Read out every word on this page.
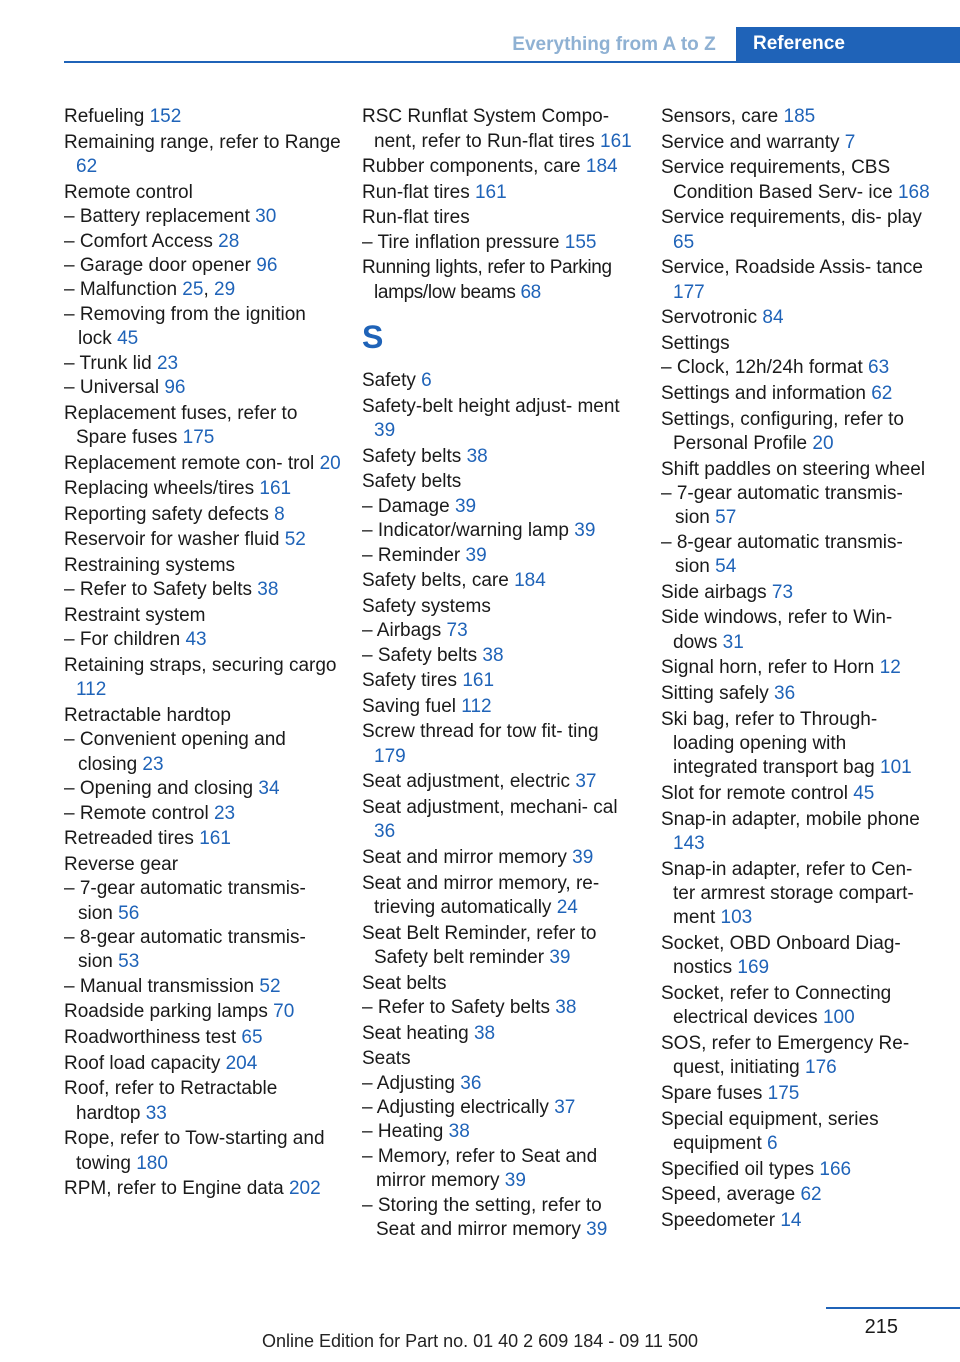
Everything from A to Z	Reference
Refueling 152
Remaining range, refer to Range 62
Remote control
– Battery replacement 30
– Comfort Access 28
– Garage door opener 96
– Malfunction 25, 29
– Removing from the ignition lock 45
– Trunk lid 23
– Universal 96
Replacement fuses, refer to Spare fuses 175
Replacement remote con- trol 20
Replacing wheels/tires 161
Reporting safety defects 8
Reservoir for washer fluid 52
Restraining systems
– Refer to Safety belts 38
Restraint system
– For children 43
Retaining straps, securing cargo 112
Retractable hardtop
– Convenient opening and closing 23
– Opening and closing 34
– Remote control 23
Retreaded tires 161
Reverse gear
– 7-gear automatic transmis- sion 56
– 8-gear automatic transmis- sion 53
– Manual transmission 52
Roadside parking lamps 70
Roadworthiness test 65
Roof load capacity 204
Roof, refer to Retractable hardtop 33
Rope, refer to Tow-starting and towing 180
RPM, refer to Engine data 202
RSC Runflat System Compo- nent, refer to Run-flat tires 161
Rubber components, care 184
Run-flat tires 161
Run-flat tires
– Tire inflation pressure 155
Running lights, refer to Parking lamps/low beams 68
S
Safety 6
Safety-belt height adjust- ment 39
Safety belts 38
Safety belts
– Damage 39
– Indicator/warning lamp 39
– Reminder 39
Safety belts, care 184
Safety systems
– Airbags 73
– Safety belts 38
Safety tires 161
Saving fuel 112
Screw thread for tow fit- ting 179
Seat adjustment, electric 37
Seat adjustment, mechani- cal 36
Seat and mirror memory 39
Seat and mirror memory, re- trieving automatically 24
Seat Belt Reminder, refer to Safety belt reminder 39
Seat belts
– Refer to Safety belts 38
Seat heating 38
Seats
– Adjusting 36
– Adjusting electrically 37
– Heating 38
– Memory, refer to Seat and mirror memory 39
– Storing the setting, refer to Seat and mirror memory 39
Sensors, care 185
Service and warranty 7
Service requirements, CBS Condition Based Serv- ice 168
Service requirements, dis- play 65
Service, Roadside Assis- tance 177
Servotronic 84
Settings
– Clock, 12h/24h format 63
Settings and information 62
Settings, configuring, refer to Personal Profile 20
Shift paddles on steering wheel
– 7-gear automatic transmis- sion 57
– 8-gear automatic transmis- sion 54
Side airbags 73
Side windows, refer to Win- dows 31
Signal horn, refer to Horn 12
Sitting safely 36
Ski bag, refer to Through- loading opening with integrated transport bag 101
Slot for remote control 45
Snap-in adapter, mobile phone 143
Snap-in adapter, refer to Cen- ter armrest storage compart- ment 103
Socket, OBD Onboard Diag- nostics 169
Socket, refer to Connecting electrical devices 100
SOS, refer to Emergency Re- quest, initiating 176
Spare fuses 175
Special equipment, series equipment 6
Specified oil types 166
Speed, average 62
Speedometer 14
215
Online Edition for Part no. 01 40 2 609 184 - 09 11 500
